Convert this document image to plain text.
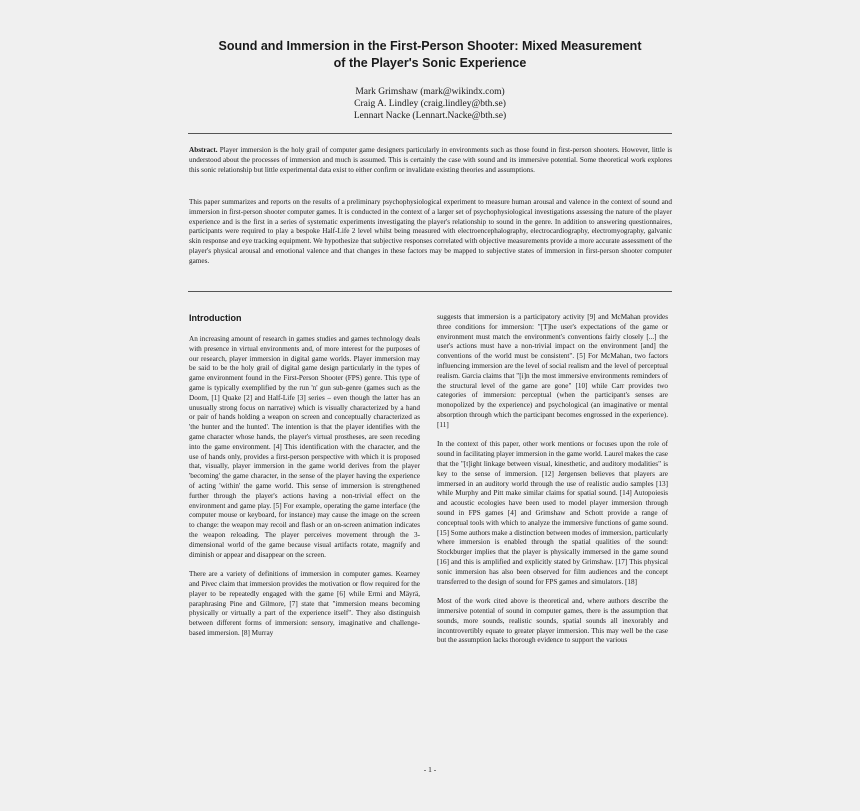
Sound and Immersion in the First-Person Shooter: Mixed Measurement
of the Player's Sonic Experience
Mark Grimshaw (mark@wikindx.com)
Craig A. Lindley (craig.lindley@bth.se)
Lennart Nacke (Lennart.Nacke@bth.se)
Abstract. Player immersion is the holy grail of computer game designers particularly in environments such as those found in first-person shooters. However, little is understood about the processes of immersion and much is assumed. This is certainly the case with sound and its immersive potential. Some theoretical work explores this sonic relationship but little experimental data exist to either confirm or invalidate existing theories and assumptions.
This paper summarizes and reports on the results of a preliminary psychophysiological experiment to measure human arousal and valence in the context of sound and immersion in first-person shooter computer games. It is conducted in the context of a larger set of psychophysiological investigations assessing the nature of the player experience and is the first in a series of systematic experiments investigating the player's relationship to sound in the genre. In addition to answering questionnaires, participants were required to play a bespoke Half-Life 2 level whilst being measured with electroencephalography, electrocardiography, electromyography, galvanic skin response and eye tracking equipment. We hypothesize that subjective responses correlated with objective measurements provide a more accurate assessment of the player's physical arousal and emotional valence and that changes in these factors may be mapped to subjective states of immersion in first-person shooter computer games.
Introduction

An increasing amount of research in games studies and games technology deals with presence in virtual environments and, of more interest for the purposes of our research, player immersion in digital game worlds. Player immersion may be said to be the holy grail of digital game design particularly in the types of game environment found in the First-Person Shooter (FPS) genre. This type of game is typically exemplified by the run 'n' gun sub-genre (games such as the Doom, [1] Quake [2] and Half-Life [3] series – even though the latter has an unusually strong focus on narrative) which is visually characterized by a hand or pair of hands holding a weapon on screen and conceptually characterized as 'the hunter and the hunted'. The intention is that the player identifies with the game character whose hands, the player's virtual prostheses, are seen receding into the game environment. [4] This identification with the character, and the use of hands only, provides a first-person perspective with which it is proposed that, visually, player immersion in the game world derives from the player 'becoming' the game character, in the sense of the player having the experience of acting 'within' the game world. This sense of immersion is strengthened further through the player's actions having a non-trivial effect on the environment and game play. [5] For example, operating the game interface (the computer mouse or keyboard, for instance) may cause the image on the screen to change: the weapon may recoil and flash or an on-screen animation indicates the weapon reloading. The player perceives movement through the 3-dimensional world of the game because visual artifacts rotate, magnify and diminish or appear and disappear on the screen.

There are a variety of definitions of immersion in computer games. Kearney and Pivec claim that immersion provides the motivation or flow required for the player to be repeatedly engaged with the game [6] while Ermi and Mäyrä, paraphrasing Pine and Gilmore, [7] state that "immersion means becoming physically or virtually a part of the experience itself". They also distinguish between different forms of immersion: sensory, imaginative and challenge-based immersion. [8] Murray

suggests that immersion is a participatory activity [9] and McMahan provides three conditions for immersion: "[T]he user's expectations of the game or environment must match the environment's conventions fairly closely [...] the user's actions must have a non-trivial impact on the environment [and] the conventions of the world must be consistent". [5] For McMahan, two factors influencing immersion are the level of social realism and the level of perceptual realism. Garcia claims that "[i]n the most immersive environments reminders of the structural level of the game are gone" [10] while Carr provides two categories of immersion: perceptual (when the participant's senses are monopolized by the experience) and psychological (an imaginative or mental absorption through which the participant becomes engrossed in the experience). [11]

In the context of this paper, other work mentions or focuses upon the role of sound in facilitating player immersion in the game world. Laurel makes the case that the "[t]ight linkage between visual, kinesthetic, and auditory modalities" is key to the sense of immersion. [12] Jørgensen believes that players are immersed in an auditory world through the use of realistic audio samples [13] while Murphy and Pitt make similar claims for spatial sound. [14] Autopoiesis and acoustic ecologies have been used to model player immersion through sound in FPS games [4] and Grimshaw and Schott provide a range of conceptual tools with which to analyze the immersive functions of game sound. [15] Some authors make a distinction between modes of immersion, particularly where immersion is enabled through the spatial qualities of the sound: Stockburger implies that the player is physically immersed in the game sound [16] and this is amplified and explicitly stated by Grimshaw. [17] This physical sonic immersion has also been observed for film audiences and the concept transferred to the design of sound for FPS games and simulators. [18]

Most of the work cited above is theoretical and, where authors describe the immersive potential of sound in computer games, there is the assumption that sounds, more sounds, realistic sounds, spatial sounds all inexorably and incontrovertibly equate to greater player immersion. This may well be the case but the assumption lacks thorough evidence to support the various

- 1 -
